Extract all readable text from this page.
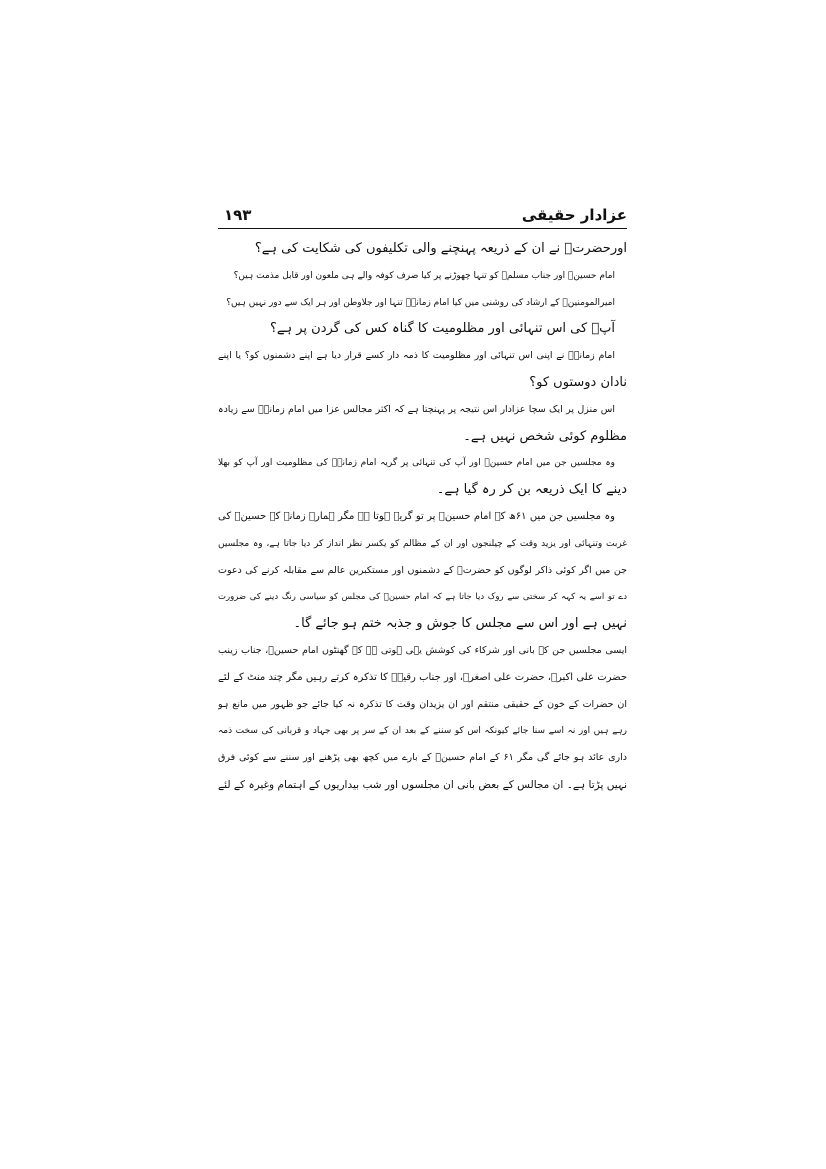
عزادار حقیقی
۱۹۳
اورحضرتؑ نے ان کے ذریعہ پہنچنے والی تکلیفوں کی شکایت کی ہے؟
امام حسینؑ اور جناب مسلمؑ کو تنہا چھوڑنے پر کیا صرف کوفہ والے ہی ملعون اور قابل مذمت ہیں؟
امیرالمومنینؑ کے ارشاد کی روشنی میں کیا امام زمانہؑ تنہا اور جلاوطن اور ہر ایک سے دور نہیں ہیں؟
آپؑ کی اس تنہائی اور مظلومیت کا گناہ کس کی گردن پر ہے؟
امام زمانہؑ نے اپنی اس تنہائی اور مظلومیت کا ذمہ دار کسے قرار دیا ہے اپنے دشمنوں کو؟ یا اپنے
نادان دوستوں کو؟
اس منزل پر ایک سچا عزادار اس نتیجہ پر پہنچتا ہے کہ اکثر مجالس عزا میں امام زمانہؑ سے زیادہ
مظلوم کوئی شخص نہیں ہے۔
وہ مجلسیں جن میں امام حسینؑ اور آپ کی تنہائی پر گریہ امام زمانہؑ کی مظلومیت اور آپ کو بھلا
دینے کا ایک ذریعہ بن کر رہ گیا ہے۔
وہ مجلسیں جن میں ۶۱ھ کے امام حسینؑ پر تو گریہ ہوتا ہے مگر ہمارے زمانہ کے حسینؑ کی
غربت وتنہائی اور یزید وقت کے چیلنجوں اور ان کے مظالم کو یکسر نظر انداز کر دیا جاتا ہے، وہ مجلسیں
جن میں اگر کوئی ذاکر لوگوں کو حضرتؑ کے دشمنوں اور مستکبرین عالم سے مقابلہ کرنے کی دعوت
دے تو اسے یہ کہہ کر سختی سے روک دیا جاتا ہے کہ امام حسینؑ کی مجلس کو سیاسی رنگ دینے کی ضرورت
نہیں ہے اور اس سے مجلس کا جوش و جذبہ ختم ہو جائے گا۔
ایسی مجلسیں جن کے بانی اور شرکاء کی کوشش یہی ہوتی ہے کہ گھنٹوں امام حسینؑ، جناب زینب
حضرت علی اکبرؑ، حضرت علی اصغرؑ، اور جناب رقیہؑ کا تذکرہ کرتے رہیں مگر چند منٹ کے لئے
ان حضرات کے خون کے حقیقی منتقم اور ان یزیدان وقت کا تذکرہ نہ کیا جائے جو ظہور میں مانع ہو
رہے ہیں اور نہ اسے سنا جائے کیونکہ اس کو سننے کے بعد ان کے سر پر بھی جہاد و قربانی کی سخت ذمہ
داری عائد ہو جائے گی مگر ۶۱ کے امام حسینؑ کے بارے میں کچھ بھی پڑھنے اور سننے سے کوئی فرق
نہیں پڑتا ہے۔ ان مجالس کے بعض بانی ان مجلسوں اور شب بیداریوں کے اہتمام وغیرہ کے لئے
